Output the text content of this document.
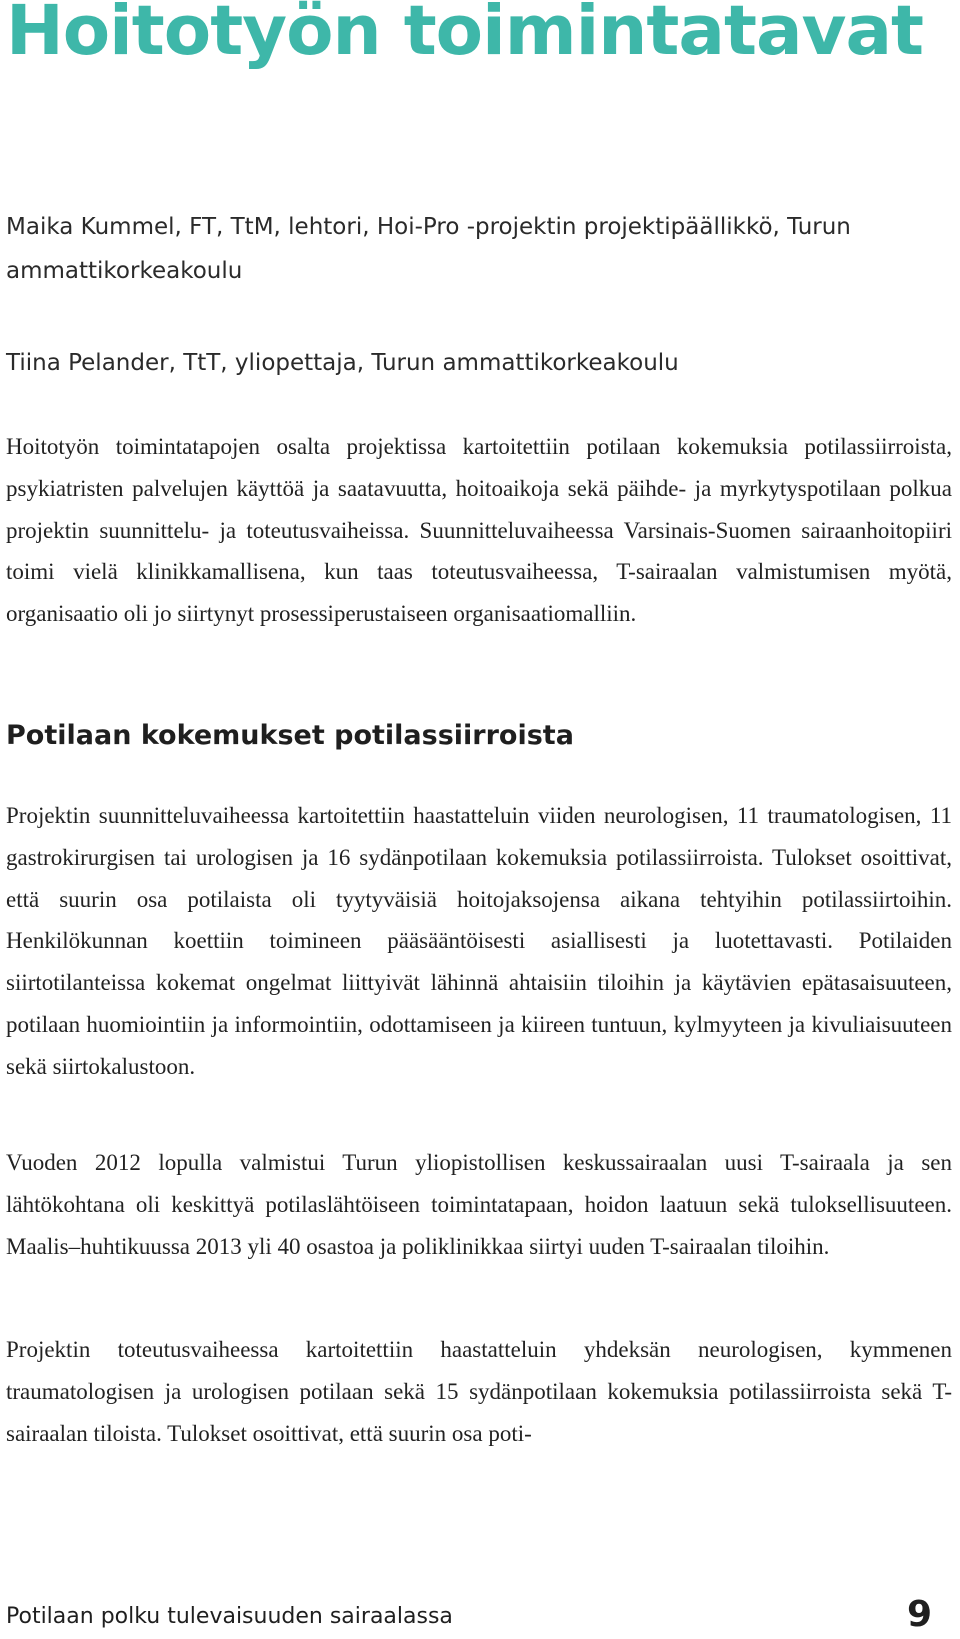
Hoitotyön toimintatavat

Maika Kummel, FT, TtM, lehtori, Hoi-Pro -projektin projektipäällikkö, Turun ammattikorkeakoulu

Tiina Pelander, TtT, yliopettaja, Turun ammattikorkeakoulu

Hoitotyön toimintatapojen osalta projektissa kartoitettiin potilaan kokemuksia potilassiirroista, psykiatristen palvelujen käyttöä ja saatavuutta, hoitoaikoja sekä päihde- ja myrkytyspotilaan polkua projektin suunnittelu- ja toteutusvaiheissa. Suunnitteluvaiheessa Varsinais-Suomen sairaanhoitopiiri toimi vielä klinikkamallisena, kun taas toteutusvaiheessa, T-sairaalan valmistumisen myötä, organisaatio oli jo siirtynyt prosessiperustaiseen organisaatiomalliin.

Potilaan kokemukset potilassiirroista

Projektin suunnitteluvaiheessa kartoitettiin haastatteluin viiden neurologisen, 11 traumatologisen, 11 gastrokirurgisen tai urologisen ja 16 sydänpotilaan kokemuksia potilassiirroista. Tulokset osoittivat, että suurin osa potilaista oli tyytyväisiä hoitojaksojensa aikana tehtyihin potilassiirtoihin. Henkilökunnan koettiin toimineen pääsääntöisesti asiallisesti ja luotettavasti. Potilaiden siirtotilanteissa kokemat ongelmat liittyivät lähinnä ahtaisiin tiloihin ja käytävien epätasaisuuteen, potilaan huomiointiin ja informointiin, odottamiseen ja kiireen tuntuun, kylmyyteen ja kivuliaisuuteen sekä siirtokalustoon.

Vuoden 2012 lopulla valmistui Turun yliopistollisen keskussairaalan uusi T-sairaala ja sen lähtökohtana oli keskittyä potilaslähtöiseen toimintatapaan, hoidon laatuun sekä tuloksellisuuteen. Maalis–huhtikuussa 2013 yli 40 osastoa ja poliklinikkaa siirtyi uuden T-sairaalan tiloihin.

Projektin toteutusvaiheessa kartoitettiin haastatteluin yhdeksän neurologisen, kymmenen traumatologisen ja urologisen potilaan sekä 15 sydänpotilaan kokemuksia potilassiirroista sekä T-sairaalan tiloista. Tulokset osoittivat, että suurin osa poti-

Potilaan polku tulevaisuuden sairaalassa	9
